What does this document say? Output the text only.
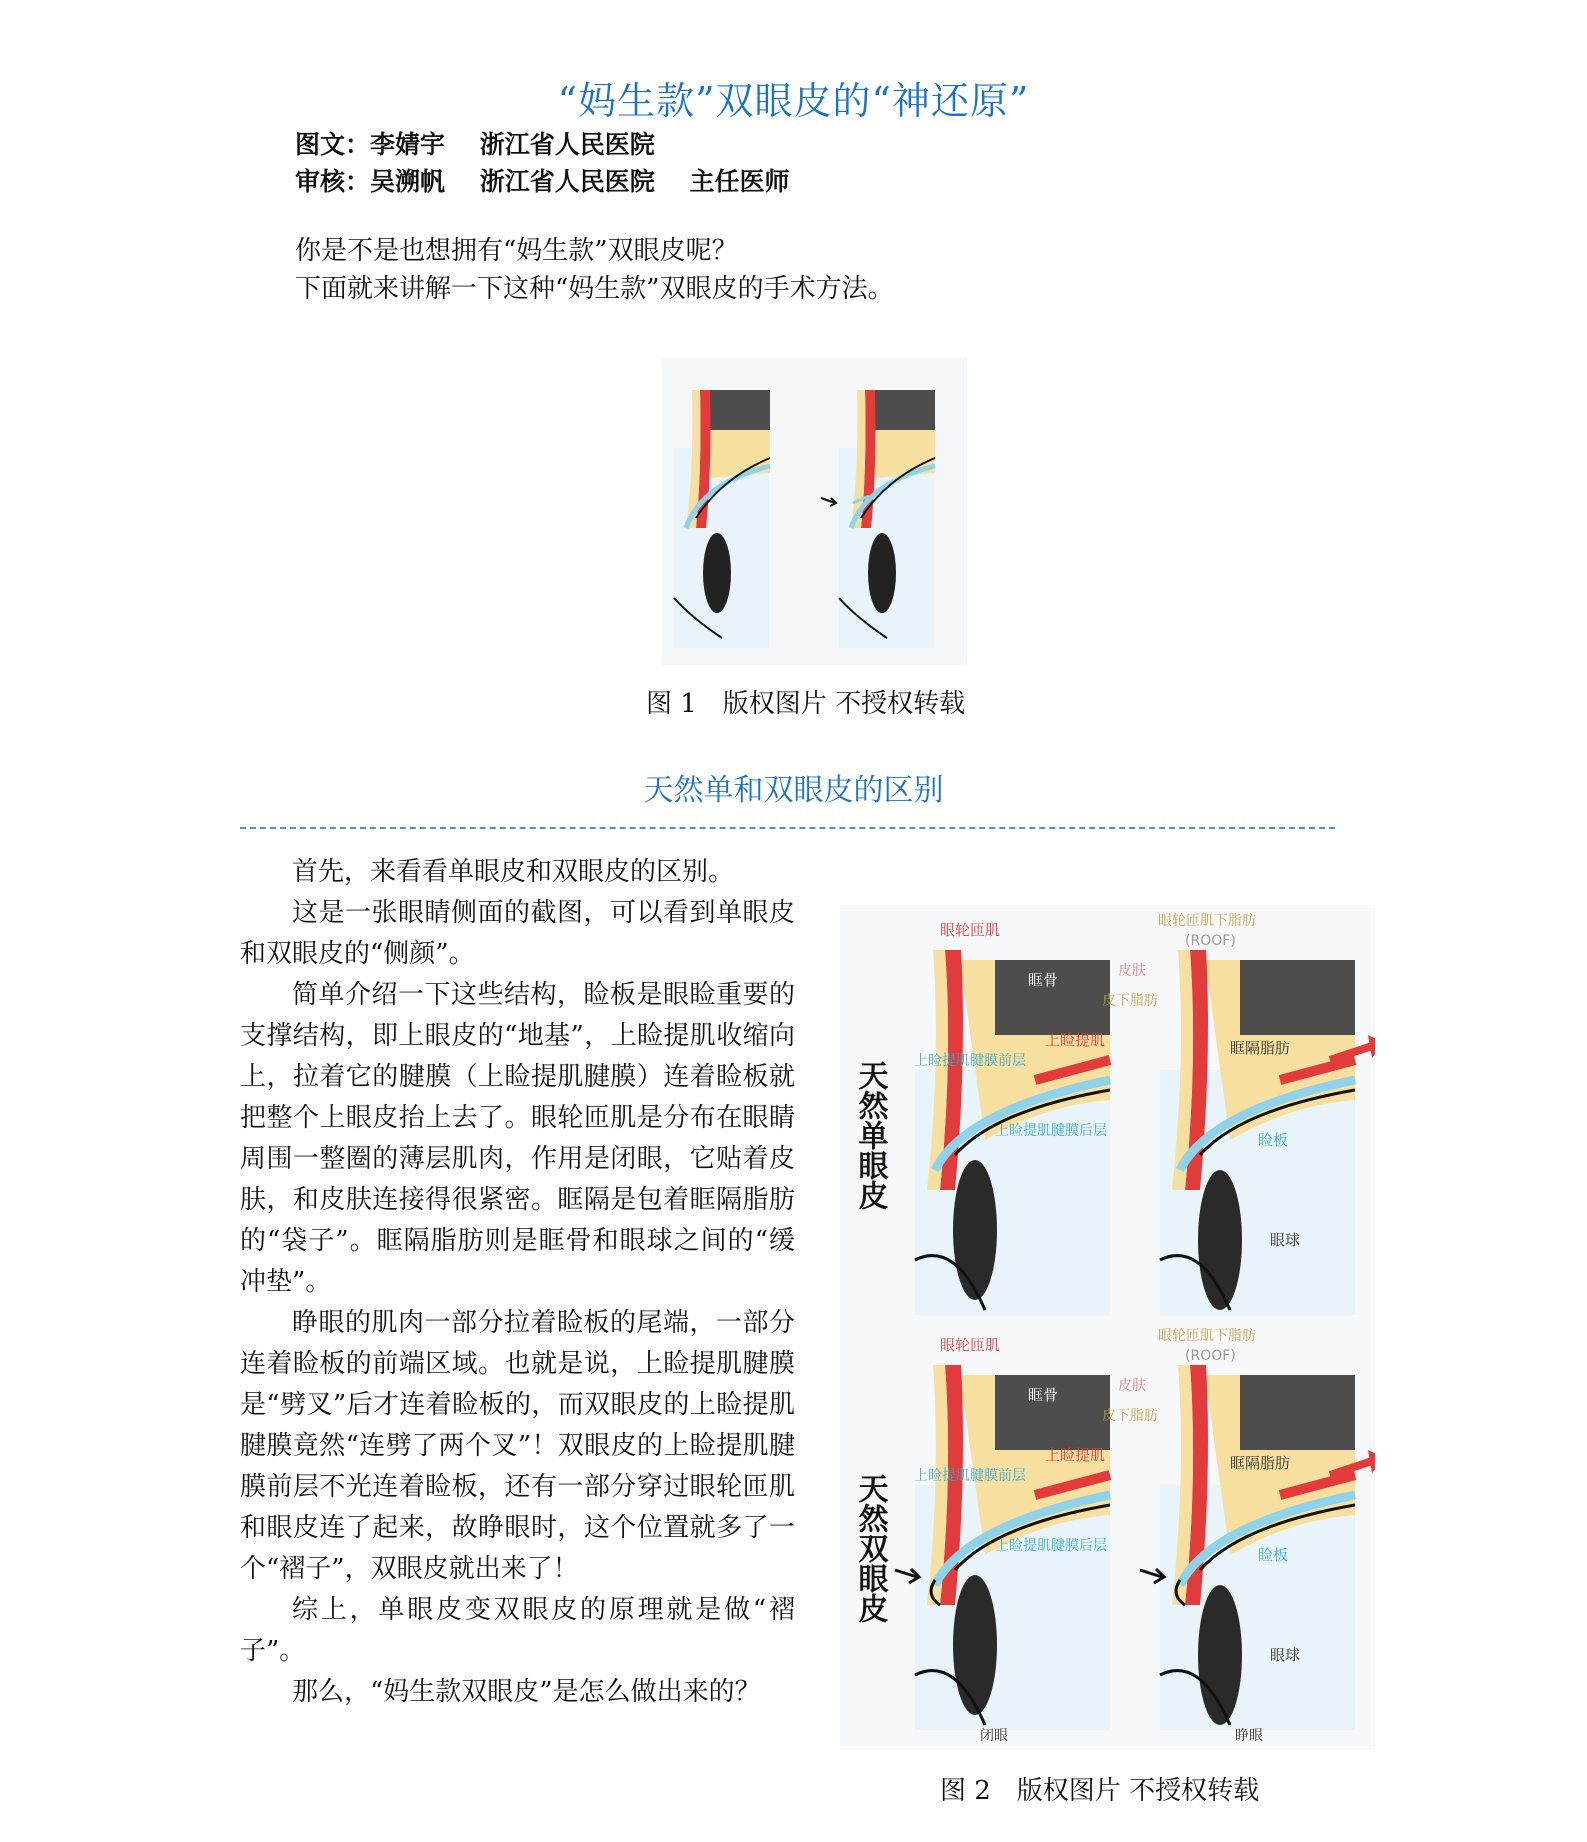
“妈生款”双眼皮的“神还原”
图文：李婧宇 浙江省人民医院
审核：吴溯帆 浙江省人民医院 主任医师
你是不是也想拥有“妈生款”双眼皮呢？
下面就来讲解一下这种“妈生款”双眼皮的手术方法。
图 1　版权图片 不授权转载
天然单和双眼皮的区别

首先，来看看单眼皮和双眼皮的区别。

这是一张眼睛侧面的截图，可以看到单眼皮和双眼皮的“侧颜”。

简单介绍一下这些结构，睑板是眼睑重要的支撑结构，即上眼皮的“地基”，上睑提肌收缩向上，拉着它的腱膜（上睑提肌腱膜）连着睑板就把整个上眼皮抬上去了。眼轮匝肌是分布在眼睛周围一整圈的薄层肌肉，作用是闭眼，它贴着皮肤，和皮肤连接得很紧密。眶隔是包着眶隔脂肪的“袋子”。眶隔脂肪则是眶骨和眼球之间的“缓冲垫”。

睁眼的肌肉一部分拉着睑板的尾端，一部分连着睑板的前端区域。也就是说，上睑提肌腱膜是“劈叉”后才连着睑板的，而双眼皮的上睑提肌腱膜竟然“连劈了两个叉”！双眼皮的上睑提肌腱膜前层不光连着睑板，还有一部分穿过眼轮匝肌和眼皮连了起来，故睁眼时，这个位置就多了一个“褶子”，双眼皮就出来了！

综上，单眼皮变双眼皮的原理就是做“褶子”。

那么，“妈生款双眼皮”是怎么做出来的？

天然单眼皮
天然双眼皮
眼轮匝肌
眶骨
上睑提肌
上睑提肌腱膜前层
上睑提肌腱膜后层
眼轮匝肌下脂肪
(ROOF)
皮肤
皮下脂肪
眶隔脂肪
睑板
眼球
眼轮匝肌
眶骨
上睑提肌
上睑提肌腱膜前层
上睑提肌腱膜后层
眼轮匝肌下脂肪
(ROOF)
皮肤
皮下脂肪
眶隔脂肪
睑板
眼球
闭眼	睁眼
图 2　版权图片 不授权转载
